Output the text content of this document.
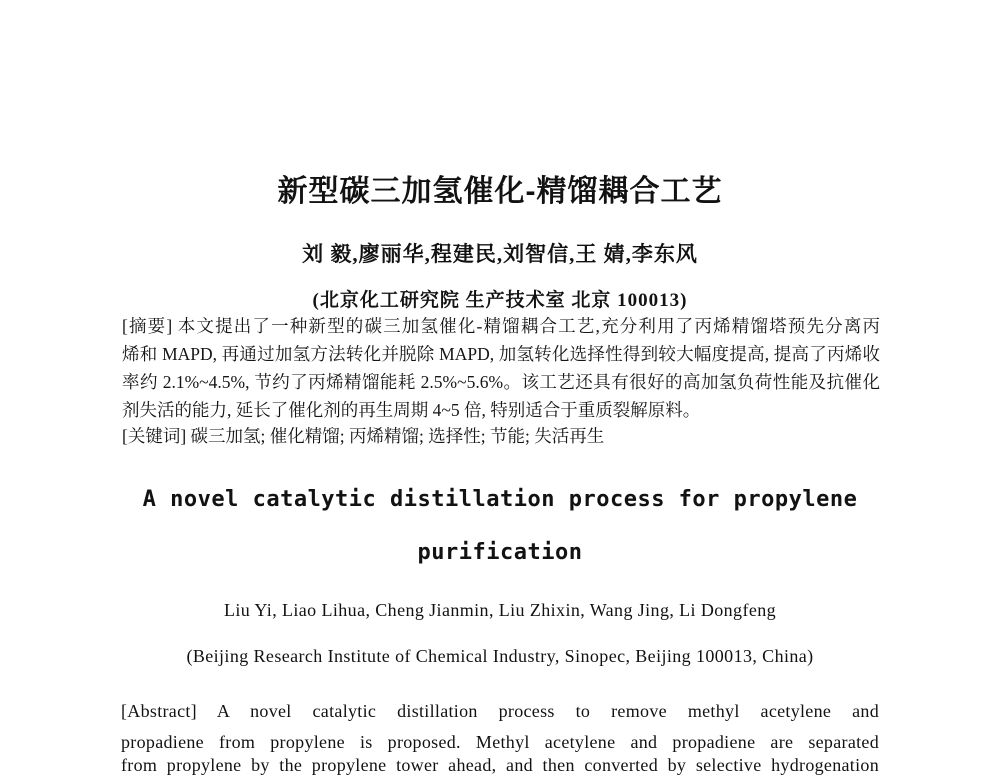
新型碳三加氢催化-精馏耦合工艺
刘 毅,廖丽华,程建民,刘智信,王 婧,李东风
(北京化工研究院 生产技术室 北京 100013)
[摘要] 本文提出了一种新型的碳三加氢催化-精馏耦合工艺,充分利用了丙烯精馏塔预先分离丙
烯和 MAPD, 再通过加氢方法转化并脱除 MAPD, 加氢转化选择性得到较大幅度提高, 提高了丙烯收
率约 2.1%~4.5%, 节约了丙烯精馏能耗 2.5%~5.6%。该工艺还具有很好的高加氢负荷性能及抗催化
剂失活的能力, 延长了催化剂的再生周期 4~5 倍, 特别适合于重质裂解原料。
[关键词] 碳三加氢; 催化精馏; 丙烯精馏; 选择性; 节能; 失活再生
A novel catalytic distillation process for propylene
purification
Liu Yi, Liao Lihua, Cheng Jianmin, Liu Zhixin, Wang Jing, Li Dongfeng
(Beijing Research Institute of Chemical Industry, Sinopec, Beijing 100013, China)
[Abstract] A novel catalytic distillation process to remove methyl acetylene and
propadiene from propylene is proposed. Methyl acetylene and propadiene are separated
from propylene by the propylene tower ahead, and then converted by selective hydrogenation
